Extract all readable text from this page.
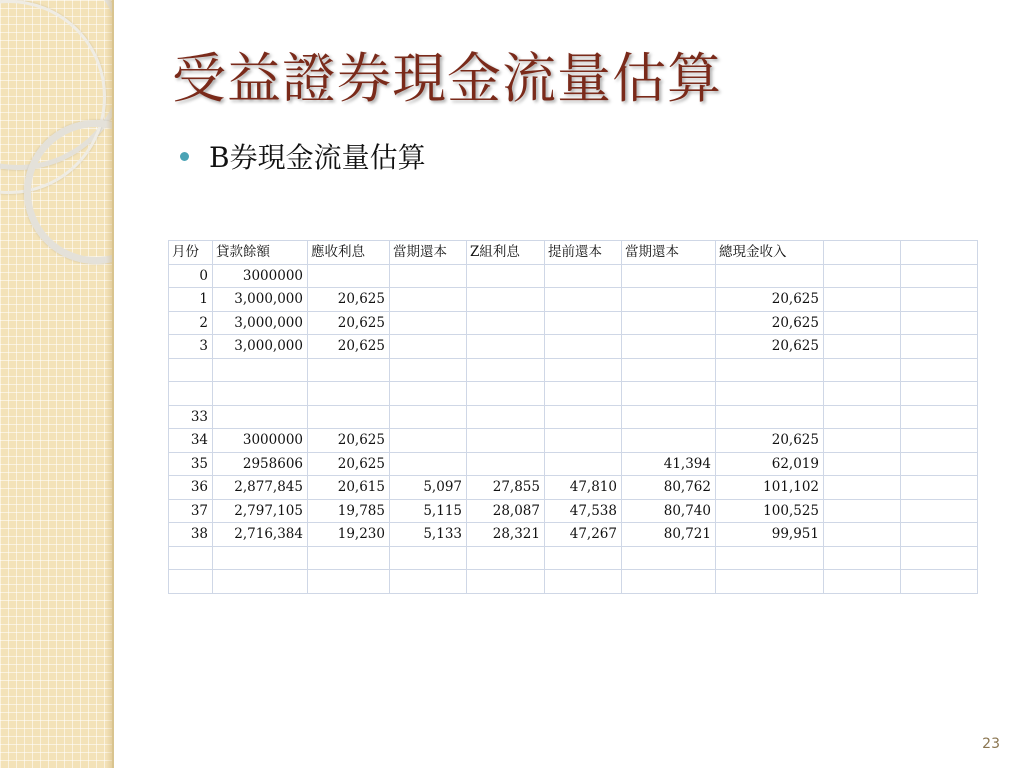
受益證券現金流量估算
B券現金流量估算
月份	貸款餘額	應收利息	當期還本	Z組利息	提前還本	當期還本	總現金收入		
0	3000000								
1	3,000,000	20,625					20,625		
2	3,000,000	20,625					20,625		
3	3,000,000	20,625					20,625		

33									
34	3000000	20,625					20,625		
35	2958606	20,625				41,394	62,019		
36	2,877,845	20,615	5,097	27,855	47,810	80,762	101,102		
37	2,797,105	19,785	5,115	28,087	47,538	80,740	100,525		
38	2,716,384	19,230	5,133	28,321	47,267	80,721	99,951		

23
